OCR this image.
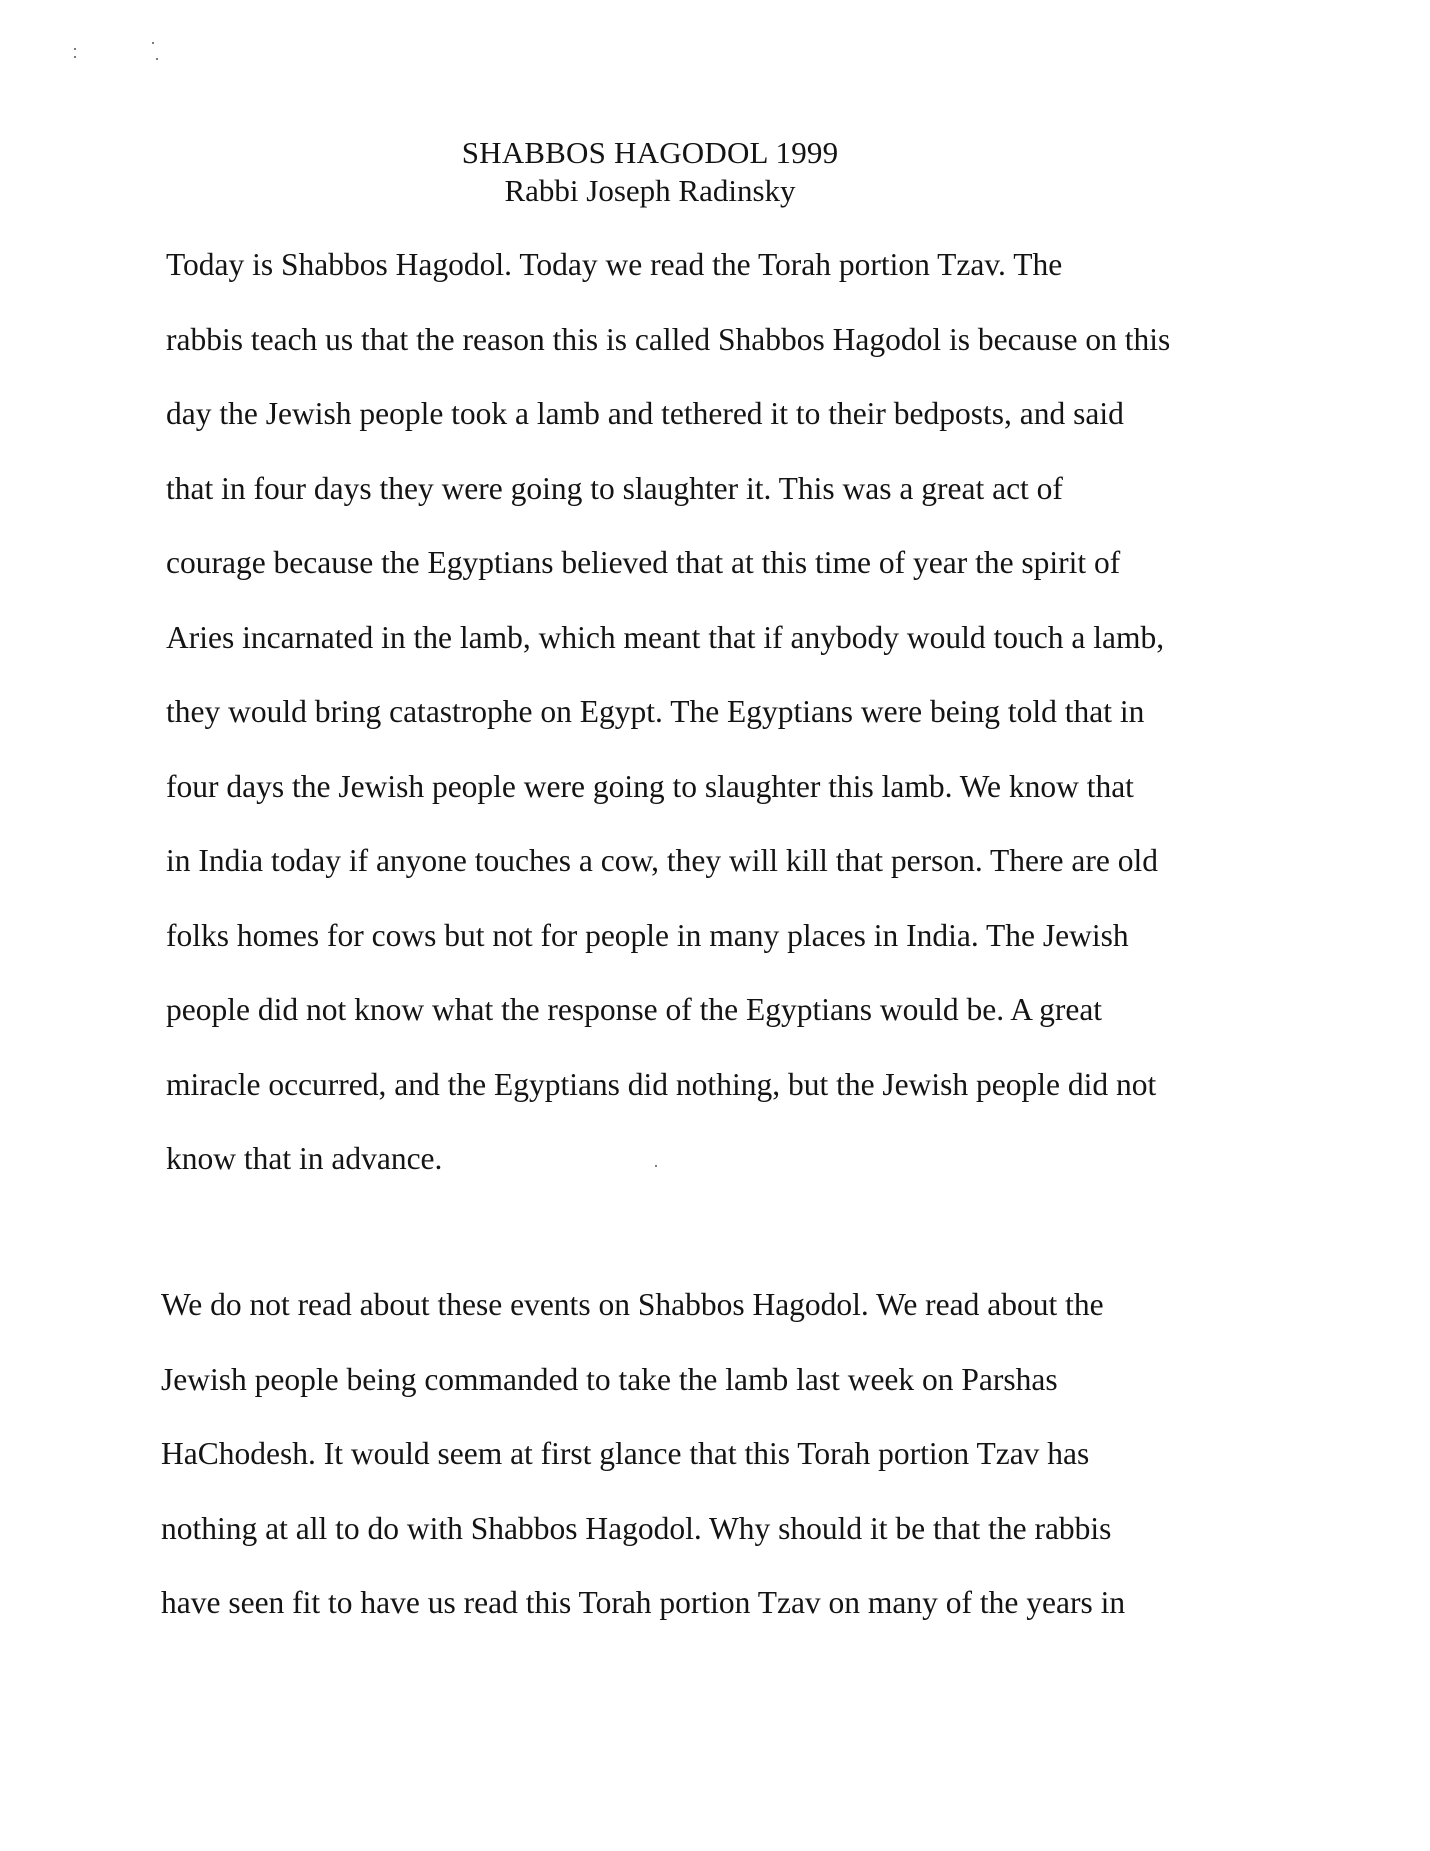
SHABBOS HAGODOL 1999
Rabbi Joseph Radinsky

Today is Shabbos Hagodol. Today we read the Torah portion Tzav. The
rabbis teach us that the reason this is called Shabbos Hagodol is because on this
day the Jewish people took a lamb and tethered it to their bedposts, and said
that in four days they were going to slaughter it. This was a great act of
courage because the Egyptians believed that at this time of year the spirit of
Aries incarnated in the lamb, which meant that if anybody would touch a lamb,
they would bring catastrophe on Egypt. The Egyptians were being told that in
four days the Jewish people were going to slaughter this lamb. We know that
in India today if anyone touches a cow, they will kill that person. There are old
folks homes for cows but not for people in many places in India. The Jewish
people did not know what the response of the Egyptians would be. A great
miracle occurred, and the Egyptians did nothing, but the Jewish people did not
know that in advance.

We do not read about these events on Shabbos Hagodol. We read about the
Jewish people being commanded to take the lamb last week on Parshas
HaChodesh. It would seem at first glance that this Torah portion Tzav has
nothing at all to do with Shabbos Hagodol. Why should it be that the rabbis
have seen fit to have us read this Torah portion Tzav on many of the years in
